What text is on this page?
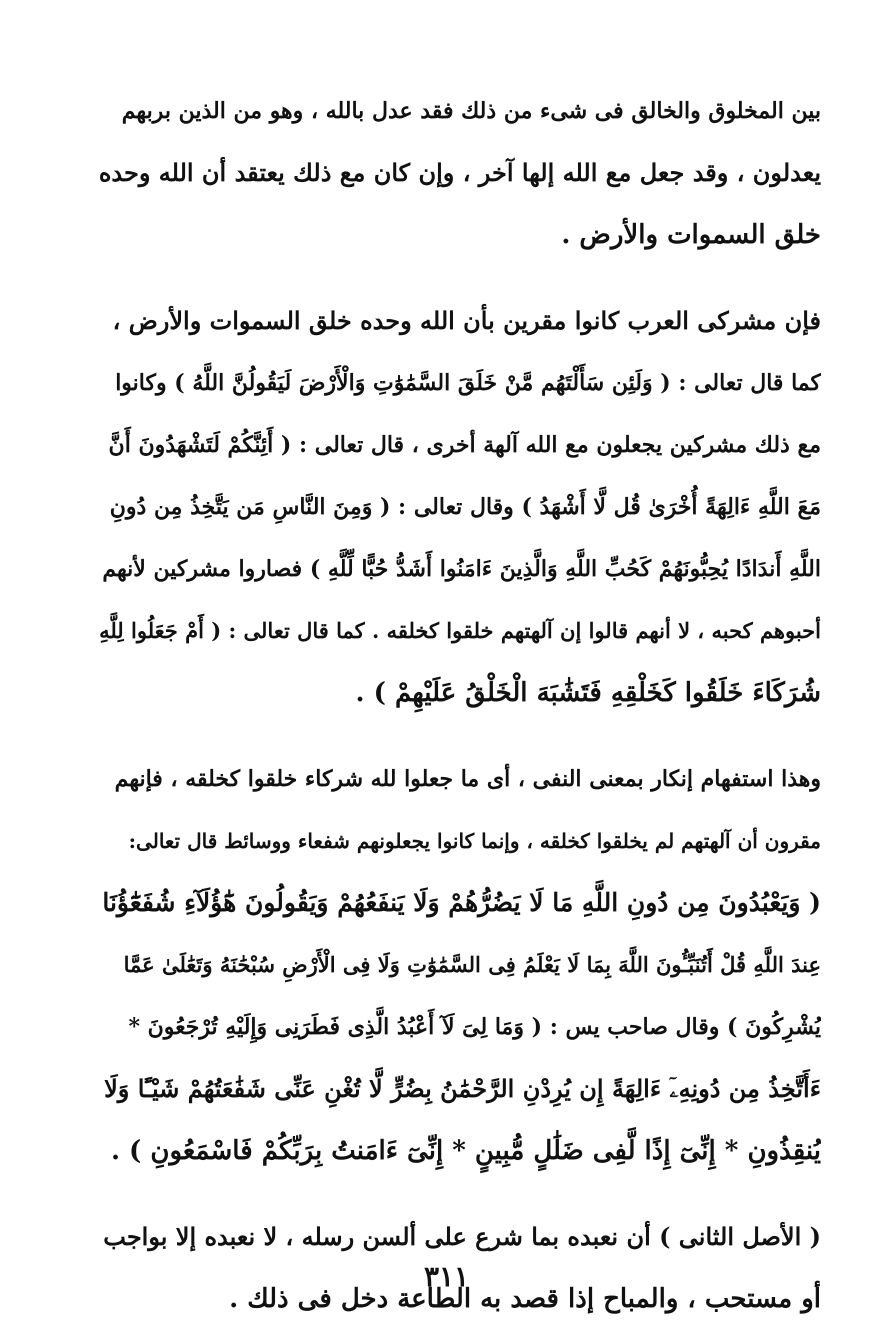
بين المخلوق والخالق فى شىء من ذلك فقد عدل بالله ، وهو من الذين بربهم
يعدلون ، وقد جعل مع الله إلها آخر ، وإن كان مع ذلك يعتقد أن الله وحده
خلق السموات والأرض .
فإن مشركى العرب كانوا مقرين بأن الله وحده خلق السموات والأرض ،
كما قال تعالى : ( وَلَئِن سَأَلْتَهُم مَّنْ خَلَقَ السَّمَٰوَٰتِ وَالْأَرْضَ لَيَقُولُنَّ اللَّهُ ) وكانوا
مع ذلك مشركين يجعلون مع الله آلهة أخرى ، قال تعالى : ( أَئِنَّكُمْ لَتَشْهَدُونَ أَنَّ
مَعَ اللَّهِ ءَالِهَةً أُخْرَىٰ قُل لَّا أَشْهَدُ ) وقال تعالى : ( وَمِنَ النَّاسِ مَن يَتَّخِذُ مِن دُونِ
اللَّهِ أَندَادًا يُحِبُّونَهُمْ كَحُبِّ اللَّهِ وَالَّذِينَ ءَامَنُوا أَشَدُّ حُبًّا لِّلَّهِ ) فصاروا مشركين لأنهم
أحبوهم كحبه ، لا أنهم قالوا إن آلهتهم خلقوا كخلقه . كما قال تعالى : ( أَمْ جَعَلُوا لِلَّهِ
شُرَكَاءَ خَلَقُوا كَخَلْقِهِ فَتَشَٰبَهَ الْخَلْقُ عَلَيْهِمْ ) .
وهذا استفهام إنكار بمعنى النفى ، أى ما جعلوا لله شركاء خلقوا كخلقه ، فإنهم
مقرون أن آلهتهم لم يخلقوا كخلقه ، وإنما كانوا يجعلونهم شفعاء ووسائط قال تعالى:
( وَيَعْبُدُونَ مِن دُونِ اللَّهِ مَا لَا يَضُرُّهُمْ وَلَا يَنفَعُهُمْ وَيَقُولُونَ هَٰٓؤُلَآءِ شُفَعَٰٓؤُنَا
عِندَ اللَّهِ قُلْ أَتُنَبِّـُٔونَ اللَّهَ بِمَا لَا يَعْلَمُ فِى السَّمَٰوَٰتِ وَلَا فِى الْأَرْضِ سُبْحَٰنَهُ وَتَعَٰلَىٰ عَمَّا
يُشْرِكُونَ ) وقال صاحب يس : ( وَمَا لِىَ لَآ أَعْبُدُ الَّذِى فَطَرَنِى وَإِلَيْهِ تُرْجَعُونَ *
ءَأَتَّخِذُ مِن دُونِهِۦٓ ءَالِهَةً إِن يُرِدْنِ الرَّحْمَٰنُ بِضُرٍّ لَّا تُغْنِ عَنِّى شَفَٰعَتُهُمْ شَيْـًٔا وَلَا
يُنقِذُونِ * إِنِّىٓ إِذًا لَّفِى ضَلَٰلٍ مُّبِينٍ * إِنِّىٓ ءَامَنتُ بِرَبِّكُمْ فَاسْمَعُونِ ) .
( الأصل الثانى ) أن نعبده بما شرع على ألسن رسله ، لا نعبده إلا بواجب
أو مستحب ، والمباح إذا قصد به الطاعة دخل فى ذلك .
٣١١
